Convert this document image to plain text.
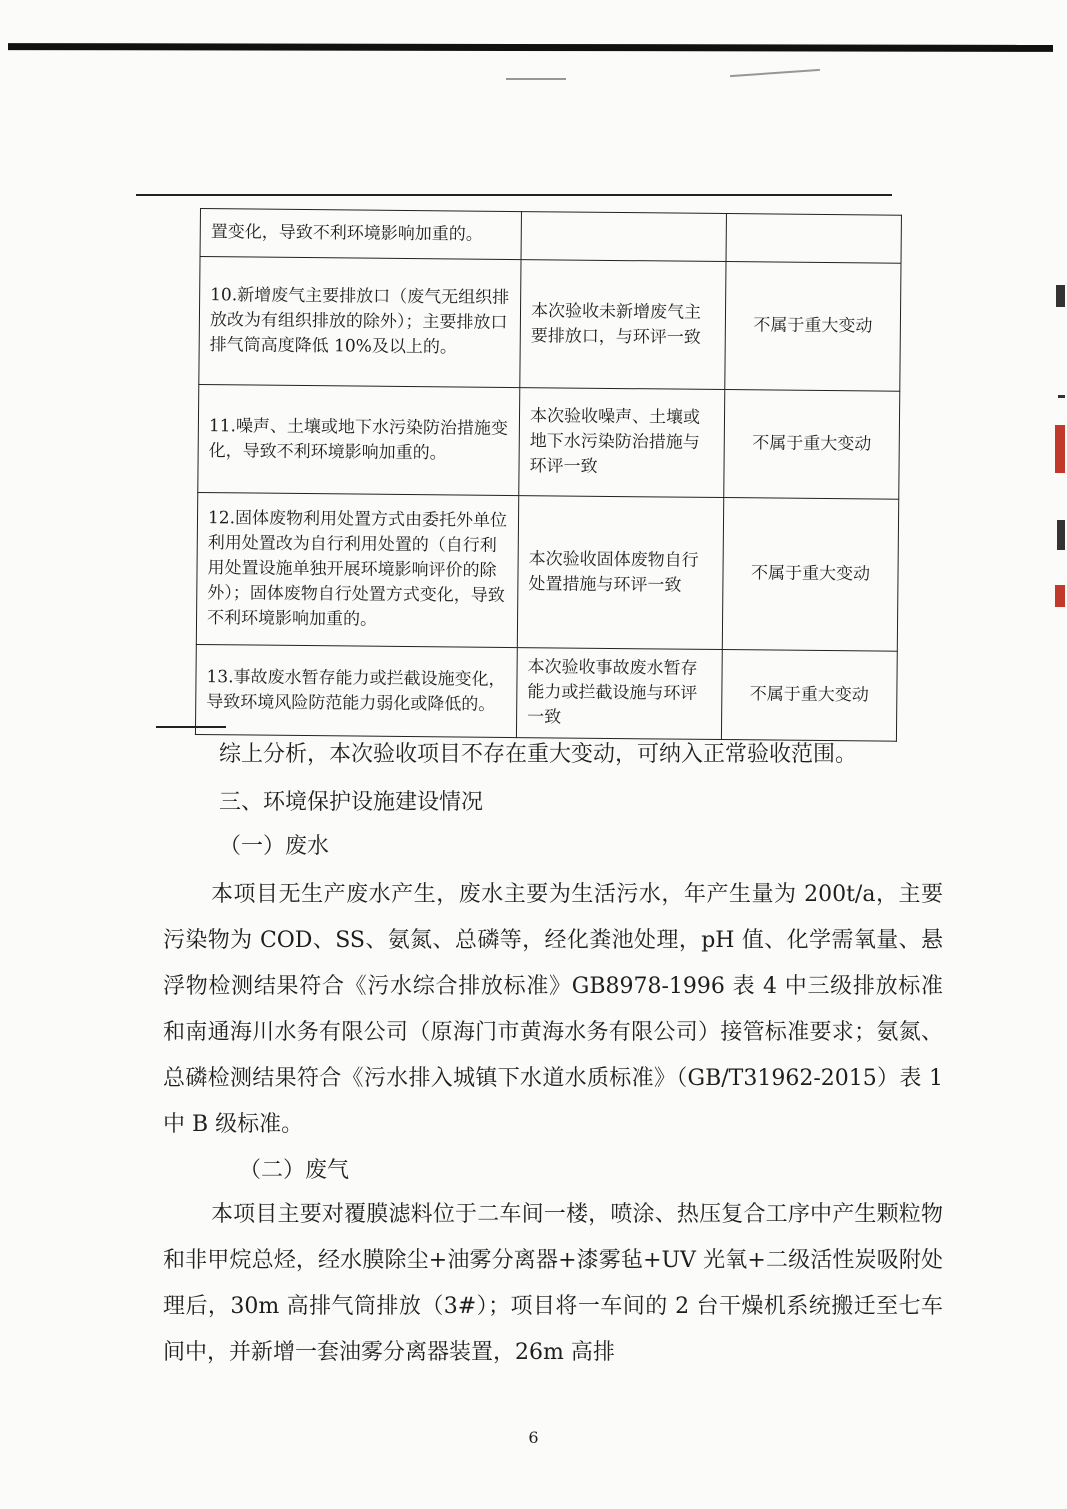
置变化，导致不利环境影响加重的。		
10.新增废气主要排放口（废气无组织排放改为有组织排放的除外）；主要排放口排气筒高度降低 10%及以上的。	本次验收未新增废气主要排放口，与环评一致	不属于重大变动
11.噪声、土壤或地下水污染防治措施变化，导致不利环境影响加重的。	本次验收噪声、土壤或地下水污染防治措施与环评一致	不属于重大变动
12.固体废物利用处置方式由委托外单位利用处置改为自行利用处置的（自行利用处置设施单独开展环境影响评价的除外）；固体废物自行处置方式变化，导致不利环境影响加重的。	本次验收固体废物自行处置措施与环评一致	不属于重大变动
13.事故废水暂存能力或拦截设施变化，导致环境风险防范能力弱化或降低的。	本次验收事故废水暂存能力或拦截设施与环评一致	不属于重大变动

综上分析，本次验收项目不存在重大变动，可纳入正常验收范围。

三、环境保护设施建设情况

（一）废水

本项目无生产废水产生，废水主要为生活污水，年产生量为 200t/a，主要污染物为 COD、SS、氨氮、总磷等，经化粪池处理，pH 值、化学需氧量、悬浮物检测结果符合《污水综合排放标准》GB8978-1996 表 4 中三级排放标准和南通海川水务有限公司（原海门市黄海水务有限公司）接管标准要求；氨氮、总磷检测结果符合《污水排入城镇下水道水质标准》（GB/T31962-2015）表 1 中 B 级标准。

（二）废气

本项目主要对覆膜滤料位于二车间一楼，喷涂、热压复合工序中产生颗粒物和非甲烷总烃，经水膜除尘+油雾分离器+漆雾毡+UV 光氧+二级活性炭吸附处理后，30m 高排气筒排放（3#）；项目将一车间的 2 台干燥机系统搬迁至七车间中，并新增一套油雾分离器装置，26m 高排

6
